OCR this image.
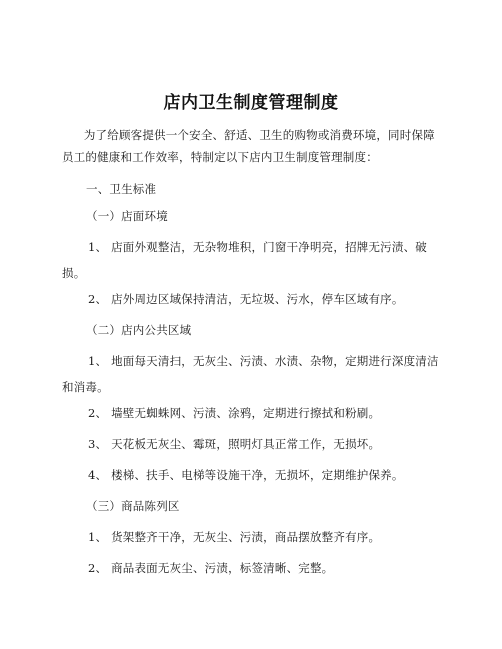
店内卫生制度管理制度
为了给顾客提供一个安全、舒适、卫生的购物或消费环境，同时保障员工的健康和工作效率，特制定以下店内卫生制度管理制度：
一、卫生标准
（一）店面环境
1、 店面外观整洁，无杂物堆积，门窗干净明亮，招牌无污渍、破损。
2、 店外周边区域保持清洁，无垃圾、污水，停车区域有序。
（二）店内公共区域
1、 地面每天清扫，无灰尘、污渍、水渍、杂物，定期进行深度清洁和消毒。
2、 墙壁无蜘蛛网、污渍、涂鸦，定期进行擦拭和粉刷。
3、 天花板无灰尘、霉斑，照明灯具正常工作，无损坏。
4、 楼梯、扶手、电梯等设施干净，无损坏，定期维护保养。
（三）商品陈列区
1、 货架整齐干净，无灰尘、污渍，商品摆放整齐有序。
2、 商品表面无灰尘、污渍，标签清晰、完整。
